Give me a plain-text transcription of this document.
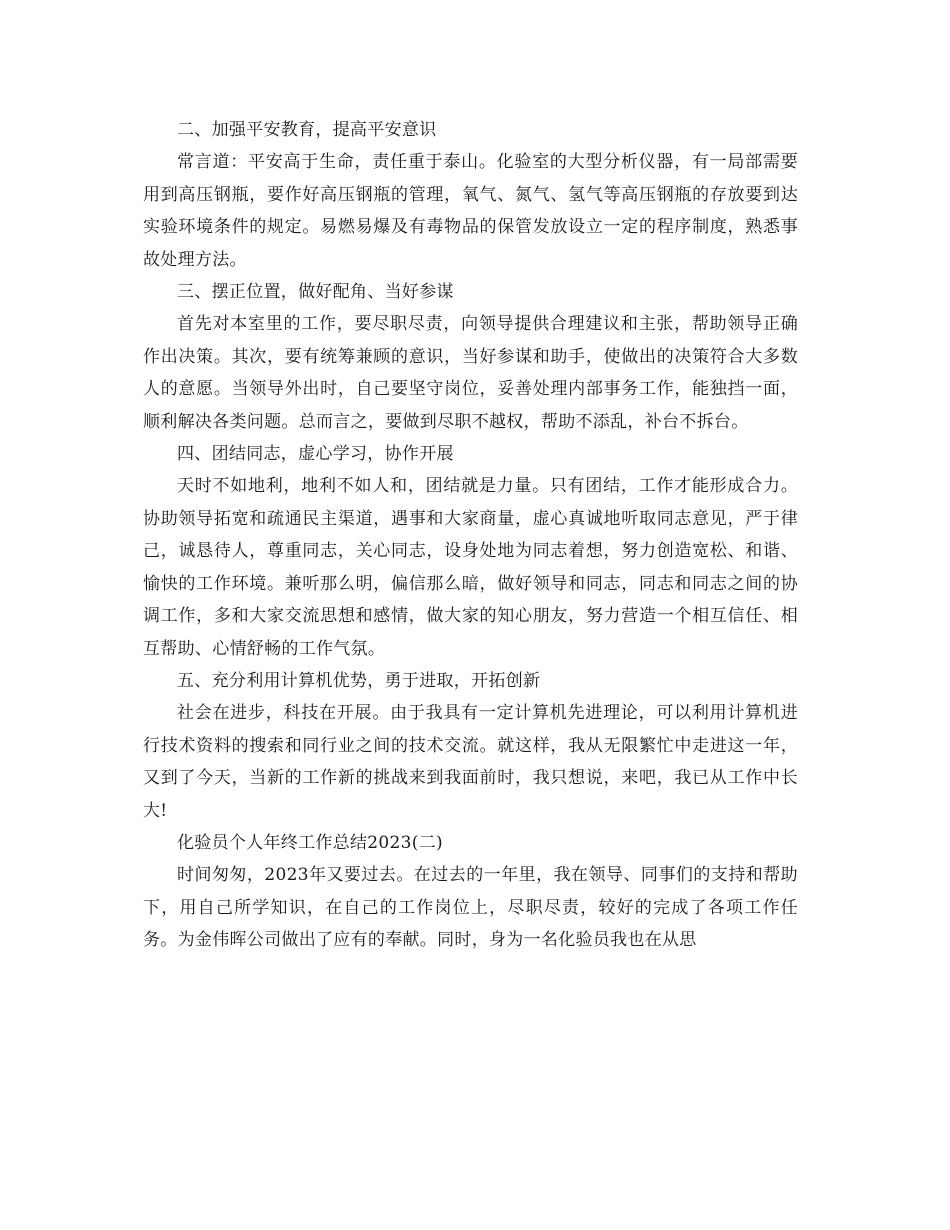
二、加强平安教育，提高平安意识

常言道：平安高于生命，责任重于泰山。化验室的大型分析仪器，有一局部需要用到高压钢瓶，要作好高压钢瓶的管理，氧气、氮气、氢气等高压钢瓶的存放要到达实验环境条件的规定。易燃易爆及有毒物品的保管发放设立一定的程序制度，熟悉事故处理方法。

三、摆正位置，做好配角、当好参谋

首先对本室里的工作，要尽职尽责，向领导提供合理建议和主张，帮助领导正确作出决策。其次，要有统筹兼顾的意识，当好参谋和助手，使做出的决策符合大多数人的意愿。当领导外出时，自己要坚守岗位，妥善处理内部事务工作，能独挡一面，顺利解决各类问题。总而言之，要做到尽职不越权，帮助不添乱，补台不拆台。

四、团结同志，虚心学习，协作开展

天时不如地利，地利不如人和，团结就是力量。只有团结，工作才能形成合力。协助领导拓宽和疏通民主渠道，遇事和大家商量，虚心真诚地听取同志意见，严于律己，诚恳待人，尊重同志，关心同志，设身处地为同志着想，努力创造宽松、和谐、愉快的工作环境。兼听那么明，偏信那么暗，做好领导和同志，同志和同志之间的协调工作，多和大家交流思想和感情，做大家的知心朋友，努力营造一个相互信任、相互帮助、心情舒畅的工作气氛。

五、充分利用计算机优势，勇于进取，开拓创新

社会在进步，科技在开展。由于我具有一定计算机先进理论，可以利用计算机进行技术资料的搜索和同行业之间的技术交流。就这样，我从无限繁忙中走进这一年，又到了今天，当新的工作新的挑战来到我面前时，我只想说，来吧，我已从工作中长大!

化验员个人年终工作总结2023(二)

时间匆匆，2023年又要过去。在过去的一年里，我在领导、同事们的支持和帮助下，用自己所学知识，在自己的工作岗位上，尽职尽责，较好的完成了各项工作任务。为金伟晖公司做出了应有的奉献。同时，身为一名化验员我也在从思
